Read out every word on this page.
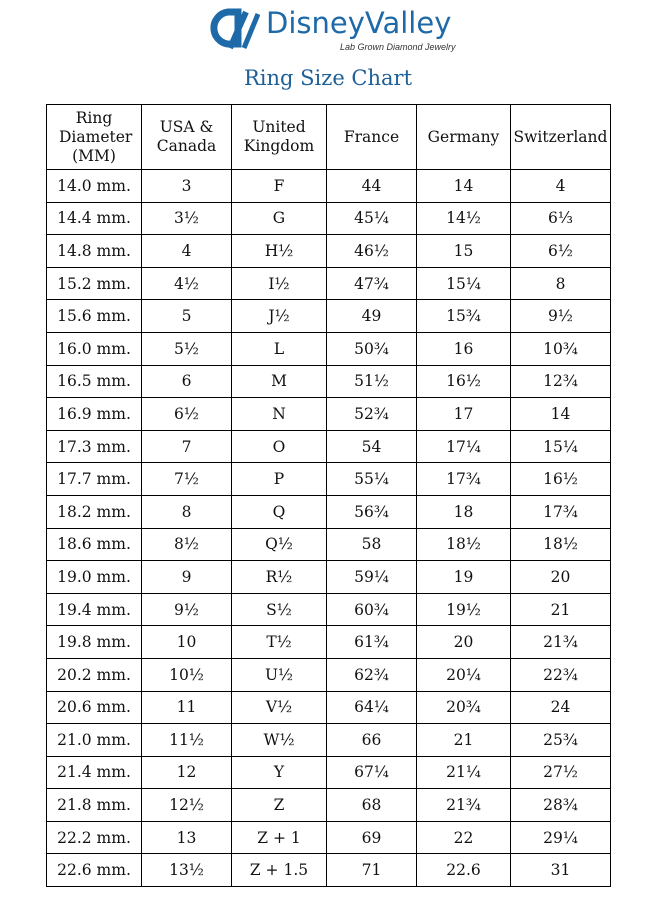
DisneyValley
Lab Grown Diamond Jewelry
Ring Size Chart
Ring Diameter (MM)	USA & Canada	United Kingdom	France	Germany	Switzerland
14.0 mm.	3	F	44	14	4
14.4 mm.	3½	G	45¼	14½	6⅓
14.8 mm.	4	H½	46½	15	6½
15.2 mm.	4½	I½	47¾	15¼	8
15.6 mm.	5	J½	49	15¾	9½
16.0 mm.	5½	L	50¾	16	10¾
16.5 mm.	6	M	51½	16½	12¾
16.9 mm.	6½	N	52¾	17	14
17.3 mm.	7	O	54	17¼	15¼
17.7 mm.	7½	P	55¼	17¾	16½
18.2 mm.	8	Q	56¾	18	17¾
18.6 mm.	8½	Q½	58	18½	18½
19.0 mm.	9	R½	59¼	19	20
19.4 mm.	9½	S½	60¾	19½	21
19.8 mm.	10	T½	61¾	20	21¾
20.2 mm.	10½	U½	62¾	20¼	22¾
20.6 mm.	11	V½	64¼	20¾	24
21.0 mm.	11½	W½	66	21	25¾
21.4 mm.	12	Y	67¼	21¼	27½
21.8 mm.	12½	Z	68	21¾	28¾
22.2 mm.	13	Z + 1	69	22	29¼
22.6 mm.	13½	Z + 1.5	71	22.6	31
